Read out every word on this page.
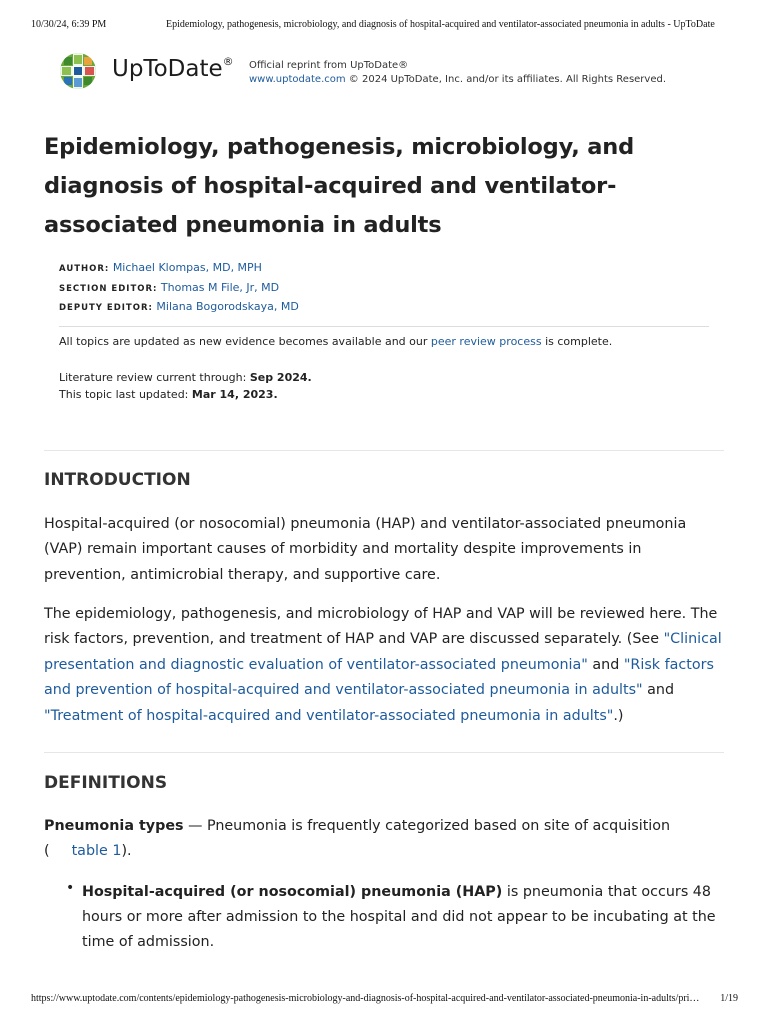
10/30/24, 6:39 PM	Epidemiology, pathogenesis, microbiology, and diagnosis of hospital-acquired and ventilator-associated pneumonia in adults - UpToDate
UpToDate® Official reprint from UpToDate®
www.uptodate.com © 2024 UpToDate, Inc. and/or its affiliates. All Rights Reserved.
Epidemiology, pathogenesis, microbiology, and diagnosis of hospital-acquired and ventilator-associated pneumonia in adults
AUTHOR: Michael Klompas, MD, MPH
SECTION EDITOR: Thomas M File, Jr, MD
DEPUTY EDITOR: Milana Bogorodskaya, MD
All topics are updated as new evidence becomes available and our peer review process is complete.
Literature review current through: Sep 2024.
This topic last updated: Mar 14, 2023.
INTRODUCTION

Hospital-acquired (or nosocomial) pneumonia (HAP) and ventilator-associated pneumonia (VAP) remain important causes of morbidity and mortality despite improvements in prevention, antimicrobial therapy, and supportive care.

The epidemiology, pathogenesis, and microbiology of HAP and VAP will be reviewed here. The risk factors, prevention, and treatment of HAP and VAP are discussed separately. (See "Clinical presentation and diagnostic evaluation of ventilator-associated pneumonia" and "Risk factors and prevention of hospital-acquired and ventilator-associated pneumonia in adults" and "Treatment of hospital-acquired and ventilator-associated pneumonia in adults".)

DEFINITIONS

Pneumonia types — Pneumonia is frequently categorized based on site of acquisition ( table 1).

• Hospital-acquired (or nosocomial) pneumonia (HAP) is pneumonia that occurs 48 hours or more after admission to the hospital and did not appear to be incubating at the time of admission.

https://www.uptodate.com/contents/epidemiology-pathogenesis-microbiology-and-diagnosis-of-hospital-acquired-and-ventilator-associated-pneumonia-in-adults/pri…	1/19
